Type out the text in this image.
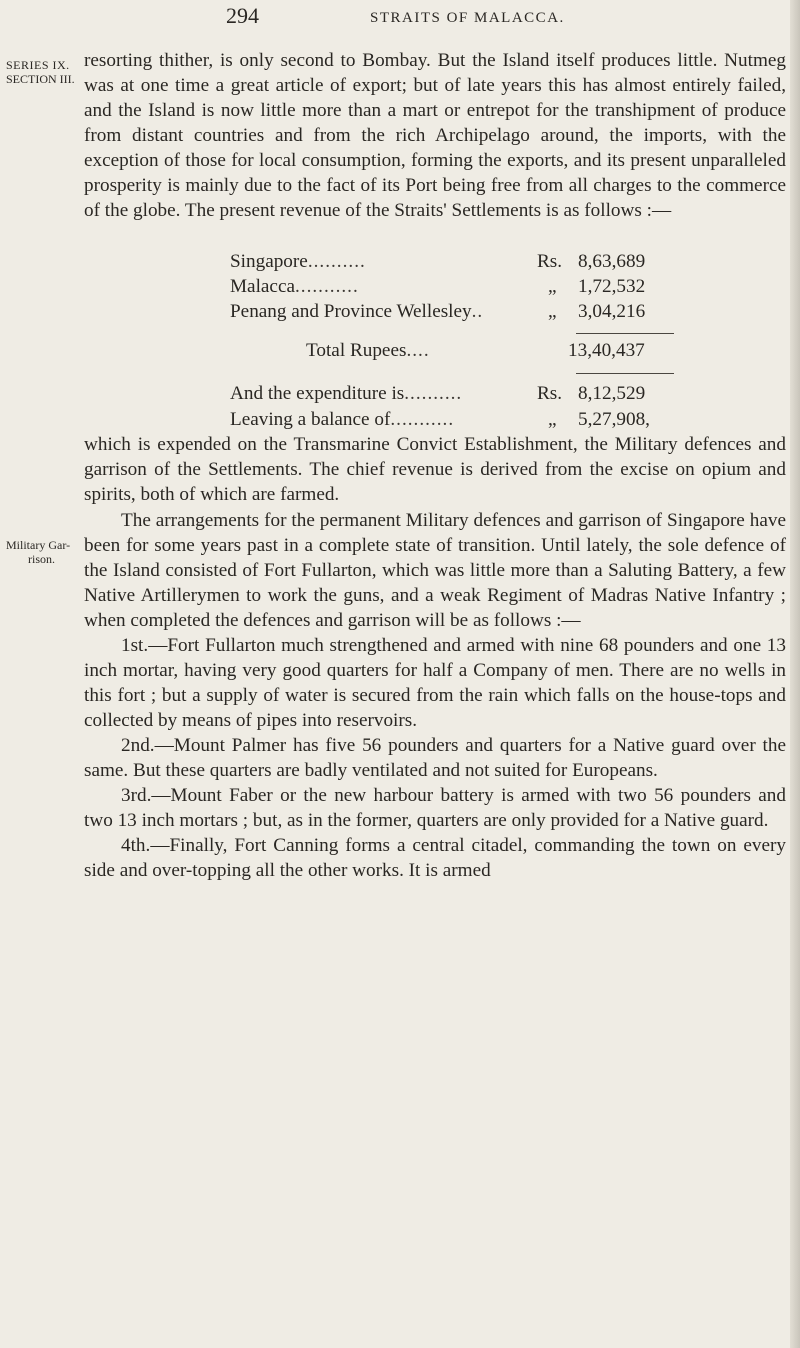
294	STRAITS OF MALACCA.
SERIES IX.
SECTION III.
Military Gar-
rison.

resorting thither, is only second to Bombay. But the Island itself produces little. Nutmeg was at one time a great article of export; but of late years this has almost entirely failed, and the Island is now little more than a mart or entrepot for the transhipment of produce from distant countries and from the rich Archipelago around, the imports, with the exception of those for local consumption, forming the exports, and its present unparalleled prosperity is mainly due to the fact of its Port being free from all charges to the commerce of the globe. The present revenue of the Straits' Settlements is as follows :—

Singapore..........	Rs. 8,63,689
Malacca...........	„ 1,72,532
Penang and Province Wellesley..	„ 3,04,216
Total Rupees....	13,40,437
And the expenditure is..........	Rs. 8,12,529
Leaving a balance of...........	„ 5,27,908,

which is expended on the Transmarine Convict Establishment, the Military defences and garrison of the Settlements. The chief revenue is derived from the excise on opium and spirits, both of which are farmed.

The arrangements for the permanent Military defences and garrison of Singapore have been for some years past in a complete state of transition. Until lately, the sole defence of the Island consisted of Fort Fullarton, which was little more than a Saluting Battery, a few Native Artillerymen to work the guns, and a weak Regiment of Madras Native Infantry ; when completed the defences and garrison will be as follows :—

1st.—Fort Fullarton much strengthened and armed with nine 68 pounders and one 13 inch mortar, having very good quarters for half a Company of men. There are no wells in this fort ; but a supply of water is secured from the rain which falls on the house-tops and collected by means of pipes into reservoirs.

2nd.—Mount Palmer has five 56 pounders and quarters for a Native guard over the same. But these quarters are badly ventilated and not suited for Europeans.

3rd.—Mount Faber or the new harbour battery is armed with two 56 pounders and two 13 inch mortars ; but, as in the former, quarters are only provided for a Native guard.

4th.—Finally, Fort Canning forms a central citadel, commanding the town on every side and over-topping all the other works. It is armed
